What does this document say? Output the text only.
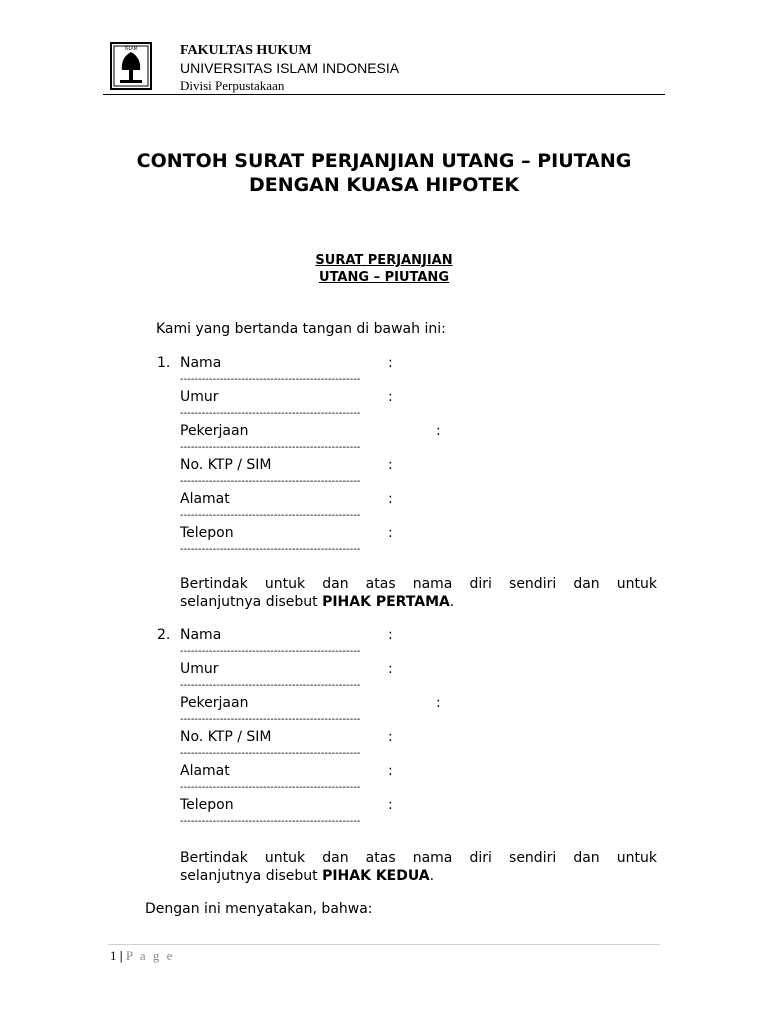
ISLAM	FAKULTAS HUKUM
UNIVERSITAS ISLAM INDONESIA
Divisi Perpustakaan
CONTOH SURAT PERJANJIAN UTANG – PIUTANG
DENGAN KUASA HIPOTEK
SURAT PERJANJIAN
UTANG – PIUTANG
Kami yang bertanda tangan di bawah ini:
1. Nama	:
--------------------------------------------------
Umur	:
--------------------------------------------------
Pekerjaan	:
--------------------------------------------------
No. KTP / SIM	:
--------------------------------------------------
Alamat	:
--------------------------------------------------
Telepon	:
--------------------------------------------------
Bertindak untuk dan atas nama diri sendiri dan untuk
selanjutnya disebut PIHAK PERTAMA.
2. Nama	:
--------------------------------------------------
Umur	:
--------------------------------------------------
Pekerjaan	:
--------------------------------------------------
No. KTP / SIM	:
--------------------------------------------------
Alamat	:
--------------------------------------------------
Telepon	:
--------------------------------------------------
Bertindak untuk dan atas nama diri sendiri dan untuk
selanjutnya disebut PIHAK KEDUA.
Dengan ini menyatakan, bahwa:
1 | P a g e
